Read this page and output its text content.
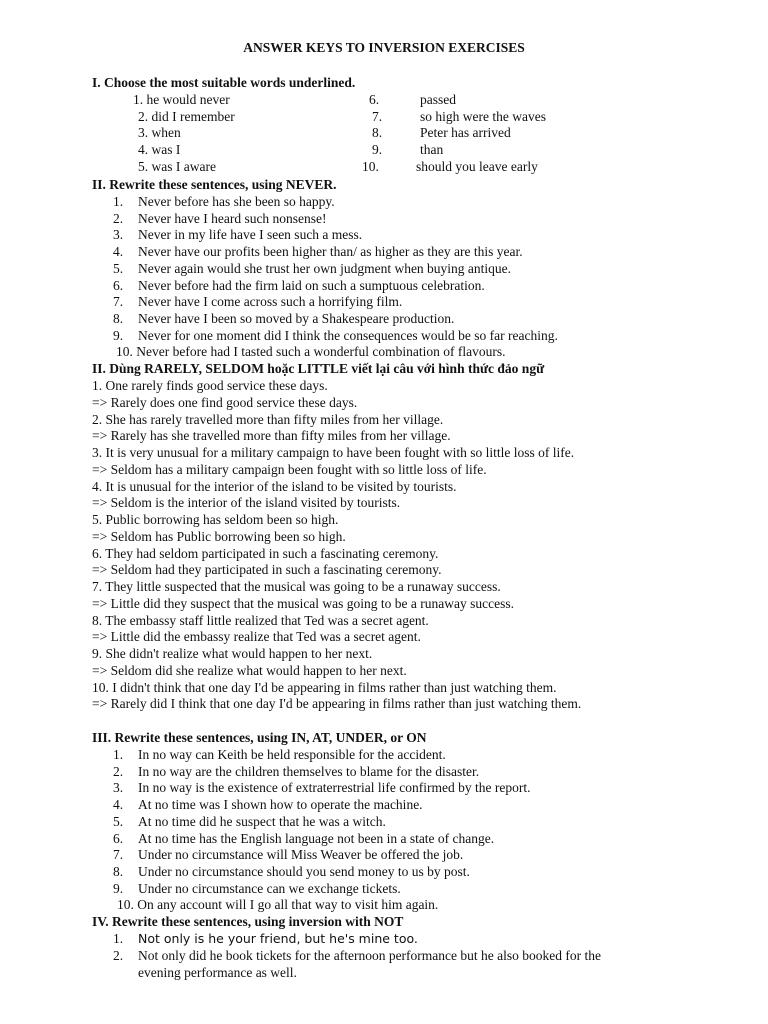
ANSWER KEYS TO INVERSION EXERCISES
I. Choose the most suitable words underlined.
1. he would never
2. did I remember
3. when
4. was I
5. was I aware
6.	passed
7.	so high were the waves
8.	Peter has arrived
9.	than
10.	should you leave early
II. Rewrite these sentences, using NEVER.
1. Never before has she been so happy.
2. Never have I heard such nonsense!
3. Never in my life have I seen such a mess.
4. Never have our profits been higher than/ as higher as they are this year.
5. Never again would she trust her own judgment when buying antique.
6. Never before had the firm laid on such a sumptuous celebration.
7. Never have I come across such a horrifying film.
8. Never have I been so moved by a Shakespeare production.
9. Never for one moment did I think the consequences would be so far reaching.
10. Never before had I tasted such a wonderful combination of flavours.
II. Dùng RARELY, SELDOM hoặc LITTLE viết lại câu với hình thức đảo ngữ
1. One rarely finds good service these days.
=> Rarely does one find good service these days.
2. She has rarely travelled more than fifty miles from her village.
=> Rarely has she travelled more than fifty miles from her village.
3. It is very unusual for a military campaign to have been fought with so little loss of life.
=> Seldom has a military campaign been fought with so little loss of life.
4. It is unusual for the interior of the island to be visited by tourists.
=> Seldom is the interior of the island visited by tourists.
5. Public borrowing has seldom been so high.
=> Seldom has Public borrowing been so high.
6. They had seldom participated in such a fascinating ceremony.
=> Seldom had they participated in such a fascinating ceremony.
7. They little suspected that the musical was going to be a runaway success.
=> Little did they suspect that the musical was going to be a runaway success.
8. The embassy staff little realized that Ted was a secret agent.
=> Little did the embassy realize that Ted was a secret agent.
9. She didn't realize what would happen to her next.
=> Seldom did she realize what would happen to her next.
10. I didn't think that one day I'd be appearing in films rather than just watching them.
=> Rarely did I think that one day I'd be appearing in films rather than just watching them.
III. Rewrite these sentences, using IN, AT, UNDER, or ON
1. In no way can Keith be held responsible for the accident.
2. In no way are the children themselves to blame for the disaster.
3. In no way is the existence of extraterrestrial life confirmed by the report.
4. At no time was I shown how to operate the machine.
5. At no time did he suspect that he was a witch.
6. At no time has the English language not been in a state of change.
7. Under no circumstance will Miss Weaver be offered the job.
8. Under no circumstance should you send money to us by post.
9. Under no circumstance can we exchange tickets.
10. On any account will I go all that way to visit him again.
IV. Rewrite these sentences, using inversion with NOT
1. Not only is he your friend, but he's mine too.
2. Not only did he book tickets for the afternoon performance but he also booked for the
evening performance as well.
